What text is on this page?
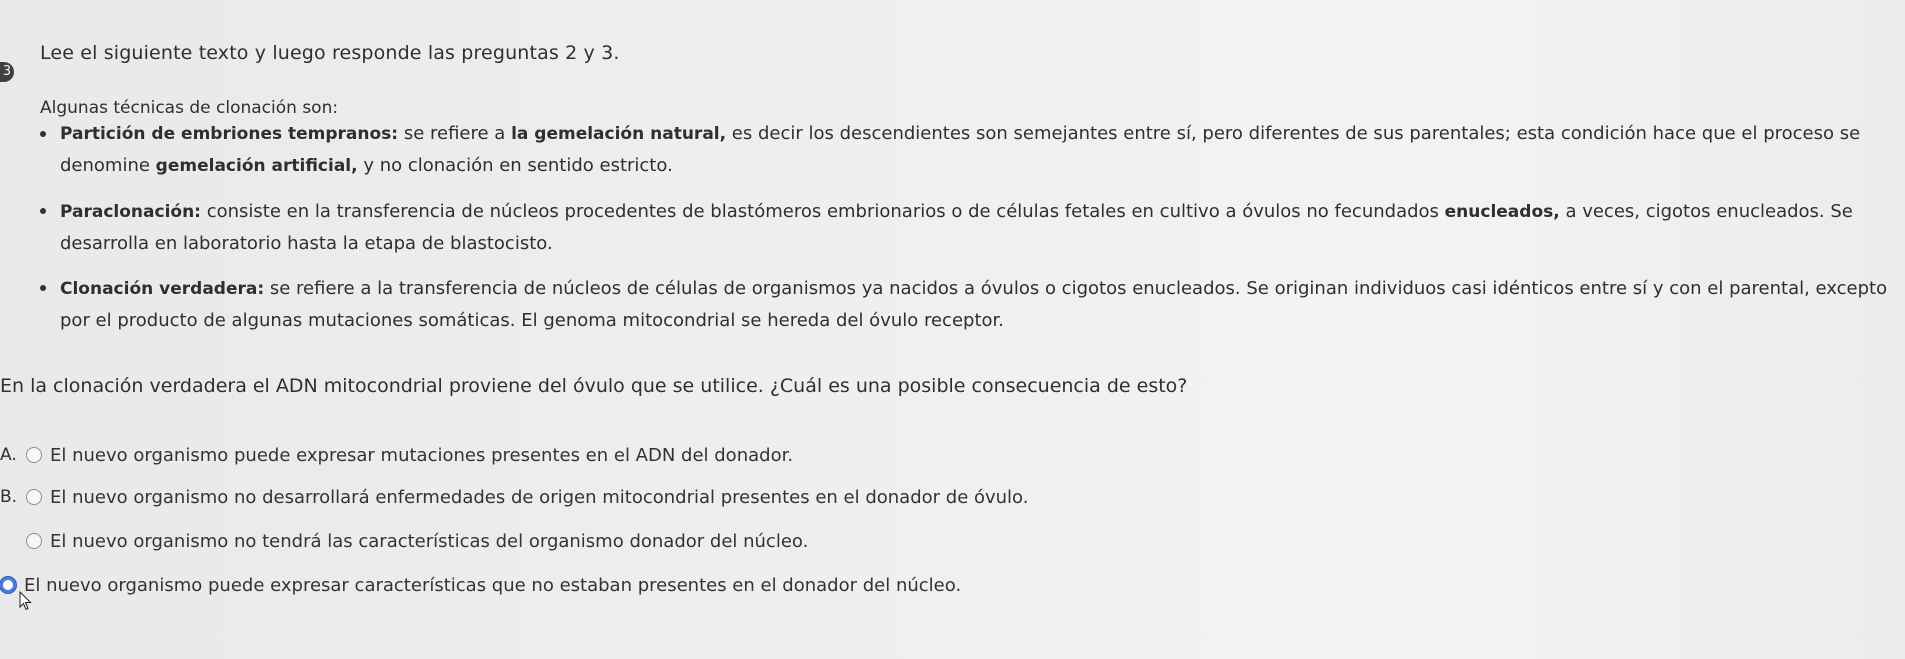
3
Lee el siguiente texto y luego responde las preguntas 2 y 3.
Algunas técnicas de clonación son:
Partición de embriones tempranos: se refiere a la gemelación natural, es decir los descendientes son semejantes entre sí, pero diferentes de sus parentales; esta condición hace que el proceso se denomine gemelación artificial, y no clonación en sentido estricto.
Paraclonación: consiste en la transferencia de núcleos procedentes de blastómeros embrionarios o de células fetales en cultivo a óvulos no fecundados enucleados, a veces, cigotos enucleados. Se desarrolla en laboratorio hasta la etapa de blastocisto.
Clonación verdadera: se refiere a la transferencia de núcleos de células de organismos ya nacidos a óvulos o cigotos enucleados. Se originan individuos casi idénticos entre sí y con el parental, excepto por el producto de algunas mutaciones somáticas. El genoma mitocondrial se hereda del óvulo receptor.
En la clonación verdadera el ADN mitocondrial proviene del óvulo que se utilice. ¿Cuál es una posible consecuencia de esto?
A.	El nuevo organismo puede expresar mutaciones presentes en el ADN del donador.
B.	El nuevo organismo no desarrollará enfermedades de origen mitocondrial presentes en el donador de óvulo.
El nuevo organismo no tendrá las características del organismo donador del núcleo.
El nuevo organismo puede expresar características que no estaban presentes en el donador del núcleo.
